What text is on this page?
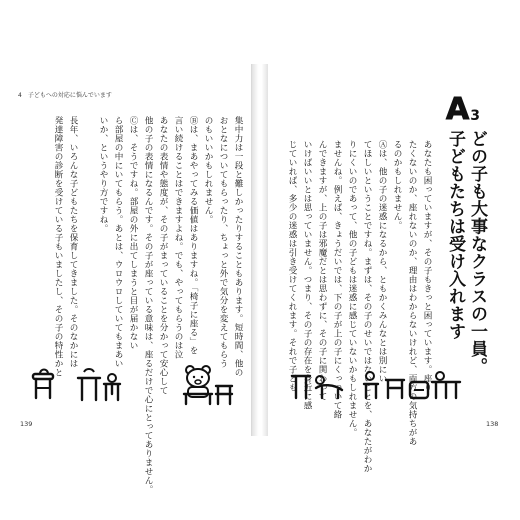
4　子どもへの対応に悩んでいます	A 3
どの子も大事なクラスの一員。
子どもたちは受け入れます
あなたも困っていますが、その子もきっと困っています。座り
たくないのか、座れないのか、理由はわからないけれど、両方の気持ちがあ
るのかもしれません。
Ⓐは、他の子の迷惑になるから、ともかくみんなとは別にい
てほしいということですね。まずは、その子のせいではないことを、あなたがわか
りにくいのであって、他の子どもは迷惑に感じていないかもしれません。
ませんね。例えば、きょうだいでは、下の子が上の子にくっついて絡
んできますが、上の子は邪魔だとは思わずに、その子に関わって
いけばいいとは思っていません。つまり、その子の存在を身近に感
じていれば、多少の迷惑は引き受けてくれます。それで子ども
集中力は一段と難しかったりすることもあります。短時間、他の
おとなについてもらったり、ちょっと外で気分を変えてもらう
のもいいかもしれません。
Ⓑは、まあやってみる価値はありますね。「椅子に座る」を
言い続けることはできますよね。でも、やってもらうのは泣
あなたの表情や態度が、その子がまっていることを分かって安心して
他の子の表情になるんです。その子が座っている意味は、座るだけで心にとってありません。
Ⓒは、そうですね。部屋の外に出てしまうと目が届かない
ら部屋の中にいてもらう。あとは、ウロウロしていてもまあい
いか、というやり方ですね。
長年、いろんな子どもたちを保育してきました。そのなかには
発達障害の診断を受けている子もいましたし、その子の特性かと
139	138
